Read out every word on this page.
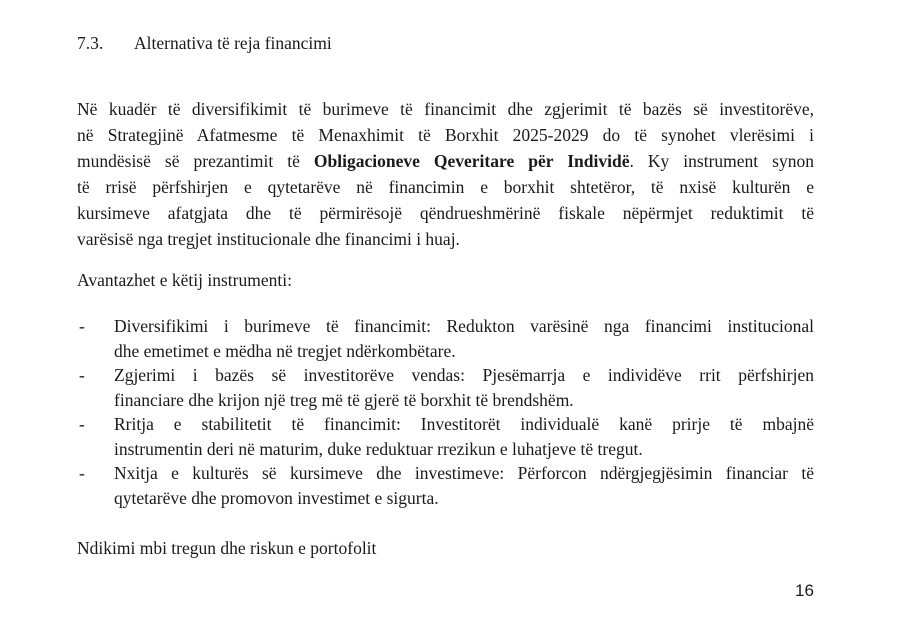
7.3. Alternativa të reja financimi
Në kuadër të diversifikimit të burimeve të financimit dhe zgjerimit të bazës së investitorëve,
në Strategjinë Afatmesme të Menaxhimit të Borxhit 2025-2029 do të synohet vlerësimi i
mundësisë së prezantimit të Obligacioneve Qeveritare për Individë. Ky instrument synon
të rrisë përfshirjen e qytetarëve në financimin e borxhit shtetëror, të nxisë kulturën e
kursimeve afatgjata dhe të përmirësojë qëndrueshmërinë fiskale nëpërmjet reduktimit të
varësisë nga tregjet institucionale dhe financimi i huaj.
Avantazhet e këtij instrumenti:
- Diversifikimi i burimeve të financimit: Redukton varësinë nga financimi institucional
dhe emetimet e mëdha në tregjet ndërkombëtare.
- Zgjerimi i bazës së investitorëve vendas: Pjesëmarrja e individëve rrit përfshirjen
financiare dhe krijon një treg më të gjerë të borxhit të brendshëm.
- Rritja e stabilitetit të financimit: Investitorët individualë kanë prirje të mbajnë
instrumentin deri në maturim, duke reduktuar rrezikun e luhatjeve të tregut.
- Nxitja e kulturës së kursimeve dhe investimeve: Përforcon ndërgjegjësimin financiar të
qytetarëve dhe promovon investimet e sigurta.
Ndikimi mbi tregun dhe riskun e portofolit
16
